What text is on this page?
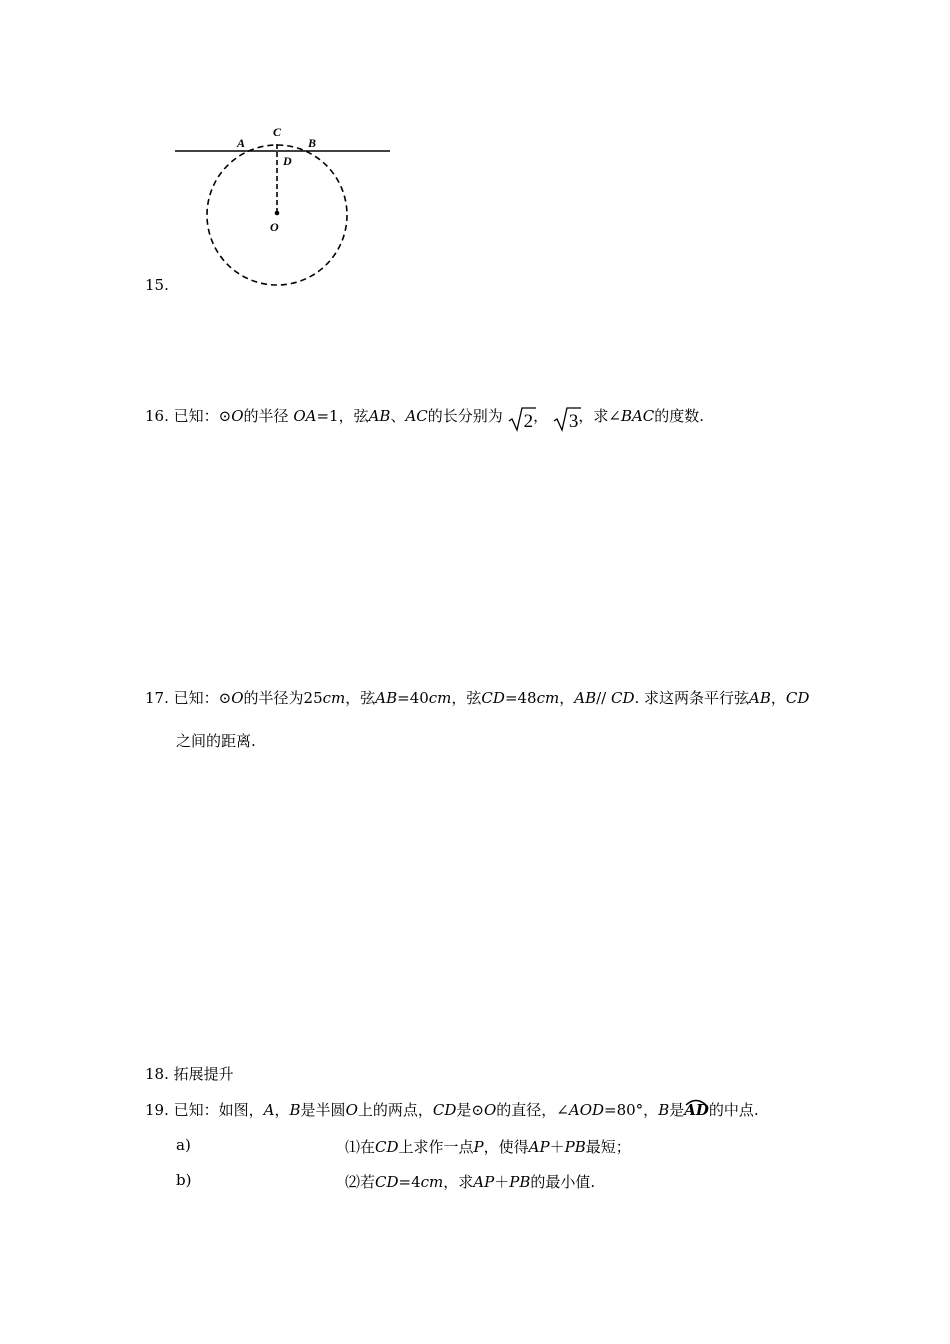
A
C
B
D
O
15.
16. 已知：⊙O的半径 OA=1，弦AB、AC的长分别为 2， 3，求∠BAC的度数.
17. 已知：⊙O的半径为25cm，弦AB=40cm，弦CD=48cm，AB// CD. 求这两条平行弦AB，CD
之间的距离.
18. 拓展提升
19. 已知：如图，A，B是半圆O上的两点，CD是⊙O的直径，∠AOD=80°，B是
AD的中点.
a)	⑴在CD上求作一点P，使得AP＋PB最短；
b)	⑵若CD=4cm，求AP＋PB的最小值.
